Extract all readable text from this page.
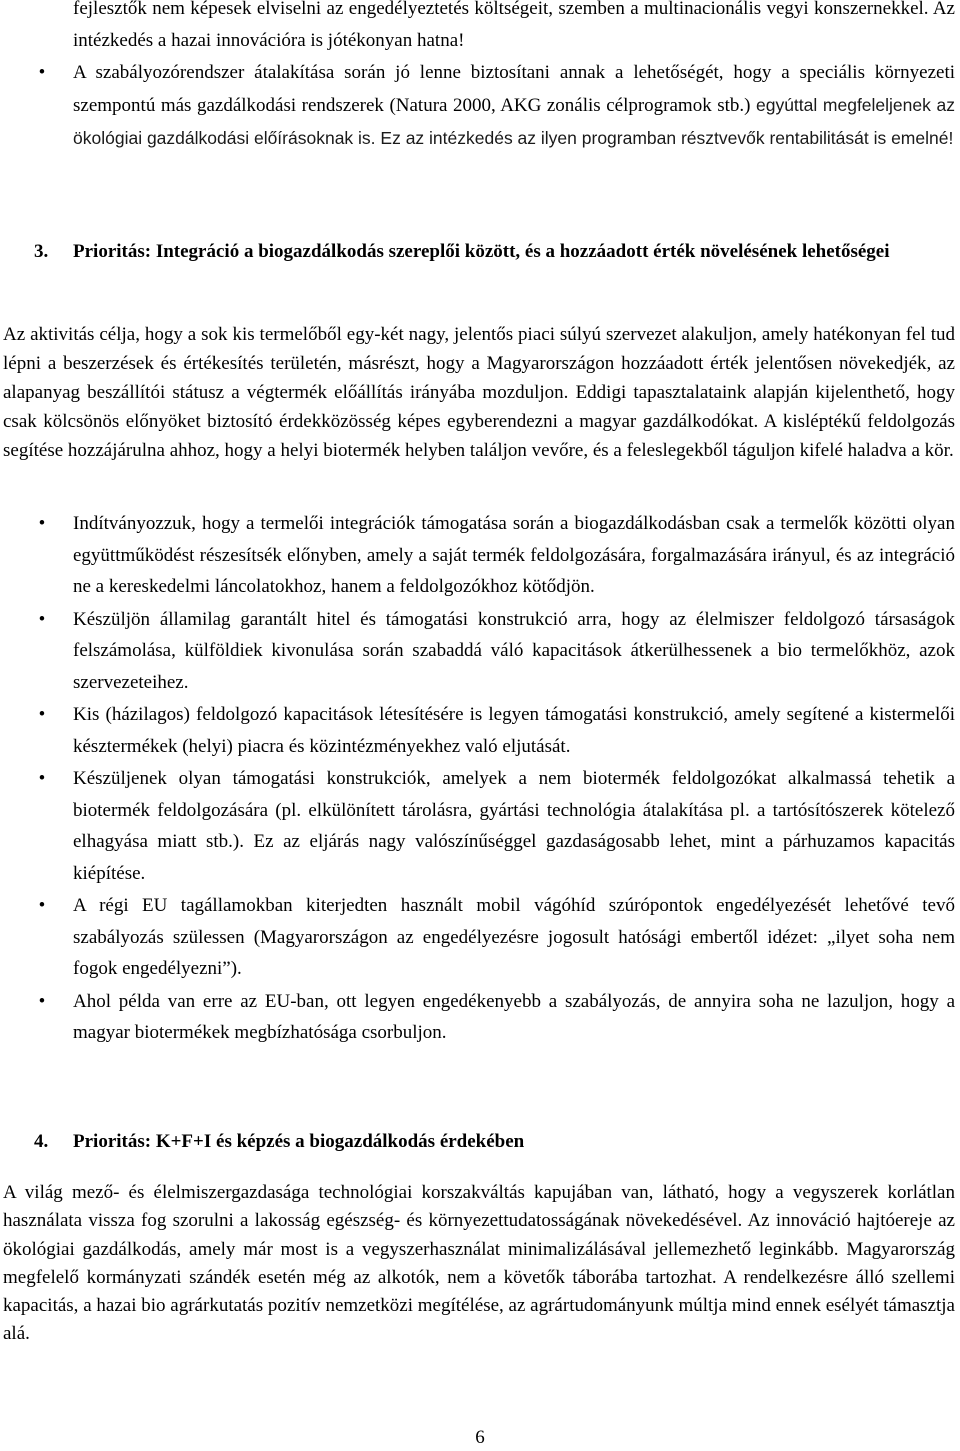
fejlesztők nem képesek elviselni az engedélyeztetés költségeit, szemben a multinacionális vegyi konszernekkel. Az intézkedés a hazai innovációra is jótékonyan hatna!

•	A szabályozórendszer átalakítása során jó lenne biztosítani annak a lehetőségét, hogy a speciális környezeti szempontú más gazdálkodási rendszerek (Natura 2000, AKG zonális célprogramok stb.) egyúttal megfeleljenek az ökológiai gazdálkodási előírásoknak is. Ez az intézkedés az ilyen programban résztvevők rentabilitását is emelné!
3. Prioritás: Integráció a biogazdálkodás szereplői között, és a hozzáadott érték növelésének lehetőségei

Az aktivitás célja, hogy a sok kis termelőből egy-két nagy, jelentős piaci súlyú szervezet alakuljon, amely hatékonyan fel tud lépni a beszerzések és értékesítés területén, másrészt, hogy a Magyarországon hozzáadott érték jelentősen növekedjék, az alapanyag beszállítói státusz a végtermék előállítás irányába mozduljon. Eddigi tapasztalataink alapján kijelenthető, hogy csak kölcsönös előnyöket biztosító érdekközösség képes egyberendezni a magyar gazdálkodókat. A kisléptékű feldolgozás segítése hozzájárulna ahhoz, hogy a helyi biotermék helyben találjon vevőre, és a feleslegekből táguljon kifelé haladva a kör.

•	Indítványozzuk, hogy a termelői integrációk támogatása során a biogazdálkodásban csak a termelők közötti olyan együttműködést részesítsék előnyben, amely a saját termék feldolgozására, forgalmazására irányul, és az integráció ne a kereskedelmi láncolatokhoz, hanem a feldolgozókhoz kötődjön.
•	Készüljön államilag garantált hitel és támogatási konstrukció arra, hogy az élelmiszer feldolgozó társaságok felszámolása, külföldiek kivonulása során szabaddá váló kapacitások átkerülhessenek a bio termelőkhöz, azok szervezeteihez.
•	Kis (házilagos) feldolgozó kapacitások létesítésére is legyen támogatási konstrukció, amely segítené a kistermelői késztermékek (helyi) piacra és közintézményekhez való eljutását.
•	Készüljenek olyan támogatási konstrukciók, amelyek a nem biotermék feldolgozókat alkalmassá tehetik a biotermék feldolgozására (pl. elkülönített tárolásra, gyártási technológia átalakítása pl. a tartósítószerek kötelező elhagyása miatt stb.). Ez az eljárás nagy valószínűséggel gazdaságosabb lehet, mint a párhuzamos kapacitás kiépítése.
•	A régi EU tagállamokban kiterjedten használt mobil vágóhíd szúrópontok engedélyezését lehetővé tevő szabályozás szülessen (Magyarországon az engedélyezésre jogosult hatósági embertől idézet: „ilyet soha nem fogok engedélyezni”).
•	Ahol példa van erre az EU-ban, ott legyen engedékenyebb a szabályozás, de annyira soha ne lazuljon, hogy a magyar biotermékek megbízhatósága csorbuljon.
4. Prioritás: K+F+I és képzés a biogazdálkodás érdekében

A világ mező- és élelmiszergazdasága technológiai korszakváltás kapujában van, látható, hogy a vegyszerek korlátlan használata vissza fog szorulni a lakosság egészség- és környezettudatosságának növekedésével. Az innováció hajtóereje az ökológiai gazdálkodás, amely már most is a vegyszerhasználat minimalizálásával jellemezhető leginkább. Magyarország megfelelő kormányzati szándék esetén még az alkotók, nem a követők táborába tartozhat. A rendelkezésre álló szellemi kapacitás, a hazai bio agrárkutatás pozitív nemzetközi megítélése, az agrártudományunk múltja mind ennek esélyét támasztja alá.

6
